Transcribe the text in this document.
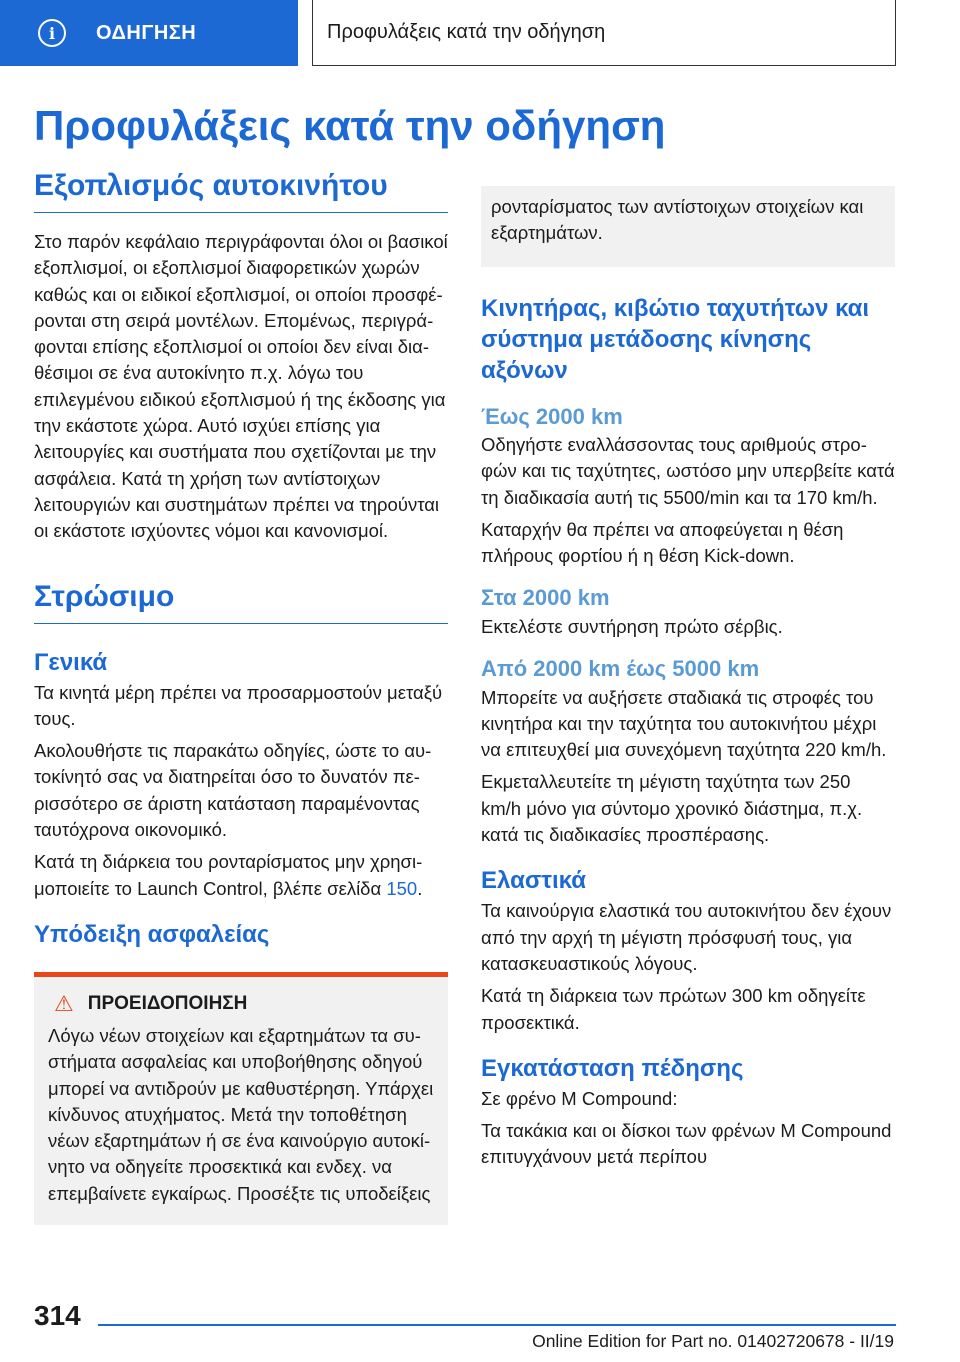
i	ΟΔΗΓΗΣΗ	Προφυλάξεις κατά την οδήγηση
Προφυλάξεις κατά την οδήγηση
Εξοπλισμός αυτοκινήτου

Στο παρόν κεφάλαιο περιγράφονται όλοι οι βασικοί εξοπλισμοί, οι εξοπλισμοί διαφορετικών χωρών καθώς και οι ειδικοί εξοπλισμοί, οι οποίοι προσφέρονται στη σειρά μοντέλων. Επομένως, περιγράφονται επίσης εξοπλισμοί οι οποίοι δεν είναι διαθέσιμοι σε ένα αυτοκίνητο π.χ. λόγω του επιλεγμένου ειδικού εξοπλισμού ή της έκδοσης για την εκάστοτε χώρα. Αυτό ισχύει επίσης για λειτουργίες και συστήματα που σχετίζονται με την ασφάλεια. Κατά τη χρήση των αντίστοιχων λειτουργιών και συστημάτων πρέπει να τηρούνται οι εκάστοτε ισχύοντες νόμοι και κανονισμοί.

Στρώσιμο
Γενικά

Τα κινητά μέρη πρέπει να προσαρμοστούν μεταξύ τους.

Ακολουθήστε τις παρακάτω οδηγίες, ώστε το αυτοκίνητό σας να διατηρείται όσο το δυνατόν περισσότερο σε άριστη κατάσταση παραμένοντας ταυτόχρονα οικονομικό.

Κατά τη διάρκεια του ρονταρίσματος μην χρησιμοποιείτε το Launch Control, βλέπε σελίδα 150.

Υπόδειξη ασφαλείας
⚠ ΠΡΟΕΙΔΟΠΟΙΗΣΗ

Λόγω νέων στοιχείων και εξαρτημάτων τα συστήματα ασφαλείας και υποβοήθησης οδηγού μπορεί να αντιδρούν με καθυστέρηση. Υπάρχει κίνδυνος ατυχήματος. Μετά την τοποθέτηση νέων εξαρτημάτων ή σε ένα καινούργιο αυτοκίνητο να οδηγείτε προσεκτικά και ενδεχ. να επεμβαίνετε εγκαίρως. Προσέξτε τις υποδείξεις

ρονταρίσματος των αντίστοιχων στοιχείων και εξαρτημάτων.

Κινητήρας, κιβώτιο ταχυτήτων και σύστημα μετάδοσης κίνησης αξόνων
Έως 2000 km

Οδηγήστε εναλλάσσοντας τους αριθμούς στροφών και τις ταχύτητες, ωστόσο μην υπερβείτε κατά τη διαδικασία αυτή τις 5500/min και τα 170 km/h.

Καταρχήν θα πρέπει να αποφεύγεται η θέση πλήρους φορτίου ή η θέση Kick-down.

Στα 2000 km

Εκτελέστε συντήρηση πρώτο σέρβις.

Από 2000 km έως 5000 km

Μπορείτε να αυξήσετε σταδιακά τις στροφές του κινητήρα και την ταχύτητα του αυτοκινήτου μέχρι να επιτευχθεί μια συνεχόμενη ταχύτητα 220 km/h.

Εκμεταλλευτείτε τη μέγιστη ταχύτητα των 250 km/h μόνο για σύντομο χρονικό διάστημα, π.χ. κατά τις διαδικασίες προσπέρασης.

Ελαστικά

Τα καινούργια ελαστικά του αυτοκινήτου δεν έχουν από την αρχή τη μέγιστη πρόσφυσή τους, για κατασκευαστικούς λόγους.

Κατά τη διάρκεια των πρώτων 300 km οδηγείτε προσεκτικά.

Εγκατάσταση πέδησης

Σε φρένο M Compound:

Τα τακάκια και οι δίσκοι των φρένων M Compound επιτυγχάνουν μετά περίπου

314
Online Edition for Part no. 01402720678 - II/19
